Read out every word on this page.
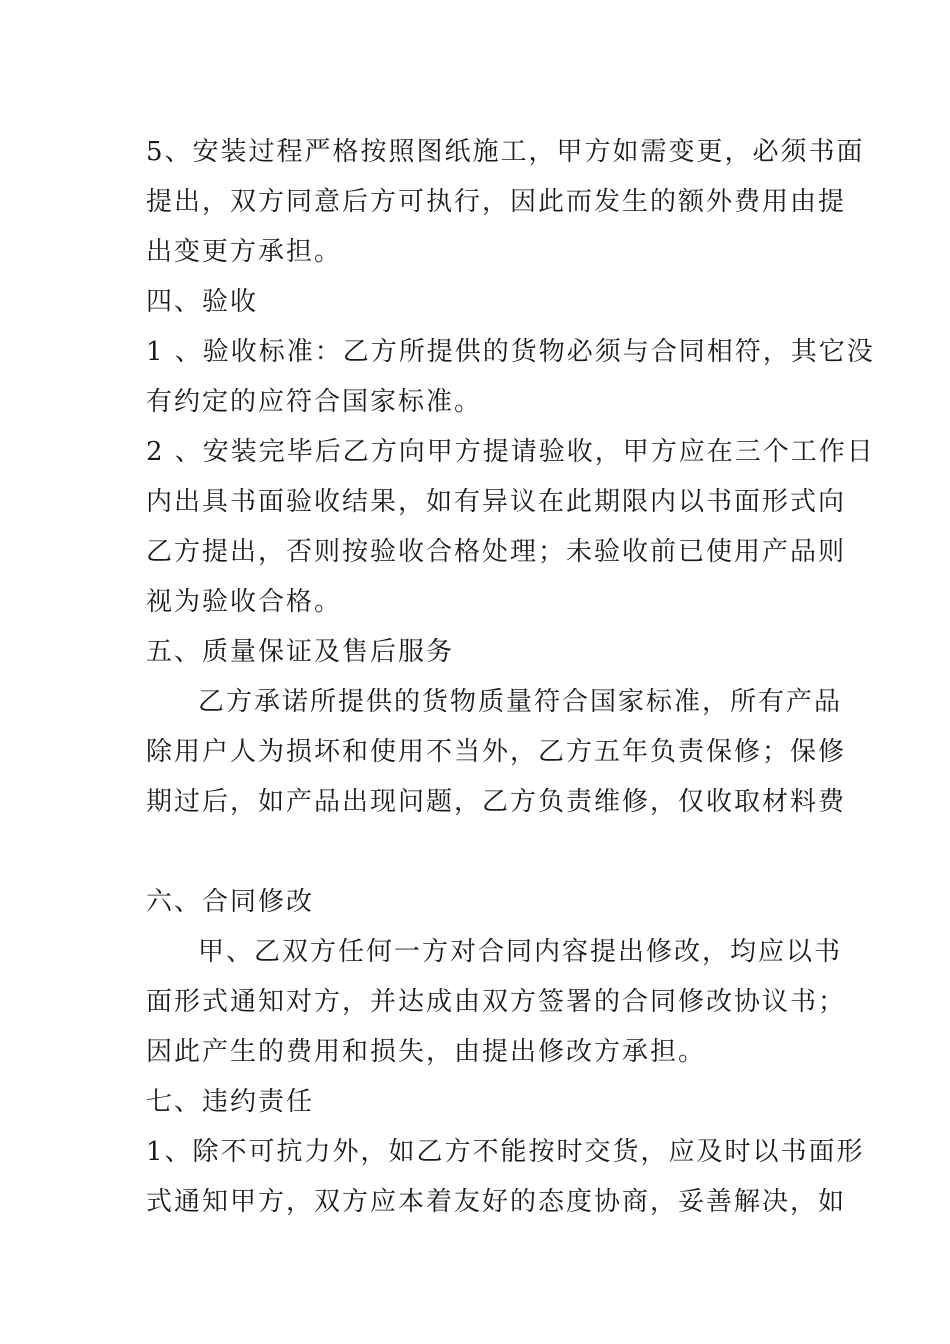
5、安装过程严格按照图纸施工，甲方如需变更，必须书面
提出，双方同意后方可执行，因此而发生的额外费用由提
出变更方承担。
四、验收
1 、验收标准：乙方所提供的货物必须与合同相符，其它没
有约定的应符合国家标准。
2 、安装完毕后乙方向甲方提请验收，甲方应在三个工作日
内出具书面验收结果，如有异议在此期限内以书面形式向
乙方提出，否则按验收合格处理；未验收前已使用产品则
视为验收合格。
五、质量保证及售后服务
乙方承诺所提供的货物质量符合国家标准，所有产品
除用户人为损坏和使用不当外，乙方五年负责保修；保修
期过后，如产品出现问题，乙方负责维修，仅收取材料费
六、合同修改
甲、乙双方任何一方对合同内容提出修改，均应以书
面形式通知对方，并达成由双方签署的合同修改协议书；
因此产生的费用和损失，由提出修改方承担。
七、违约责任
1、除不可抗力外，如乙方不能按时交货，应及时以书面形
式通知甲方，双方应本着友好的态度协商，妥善解决，如
